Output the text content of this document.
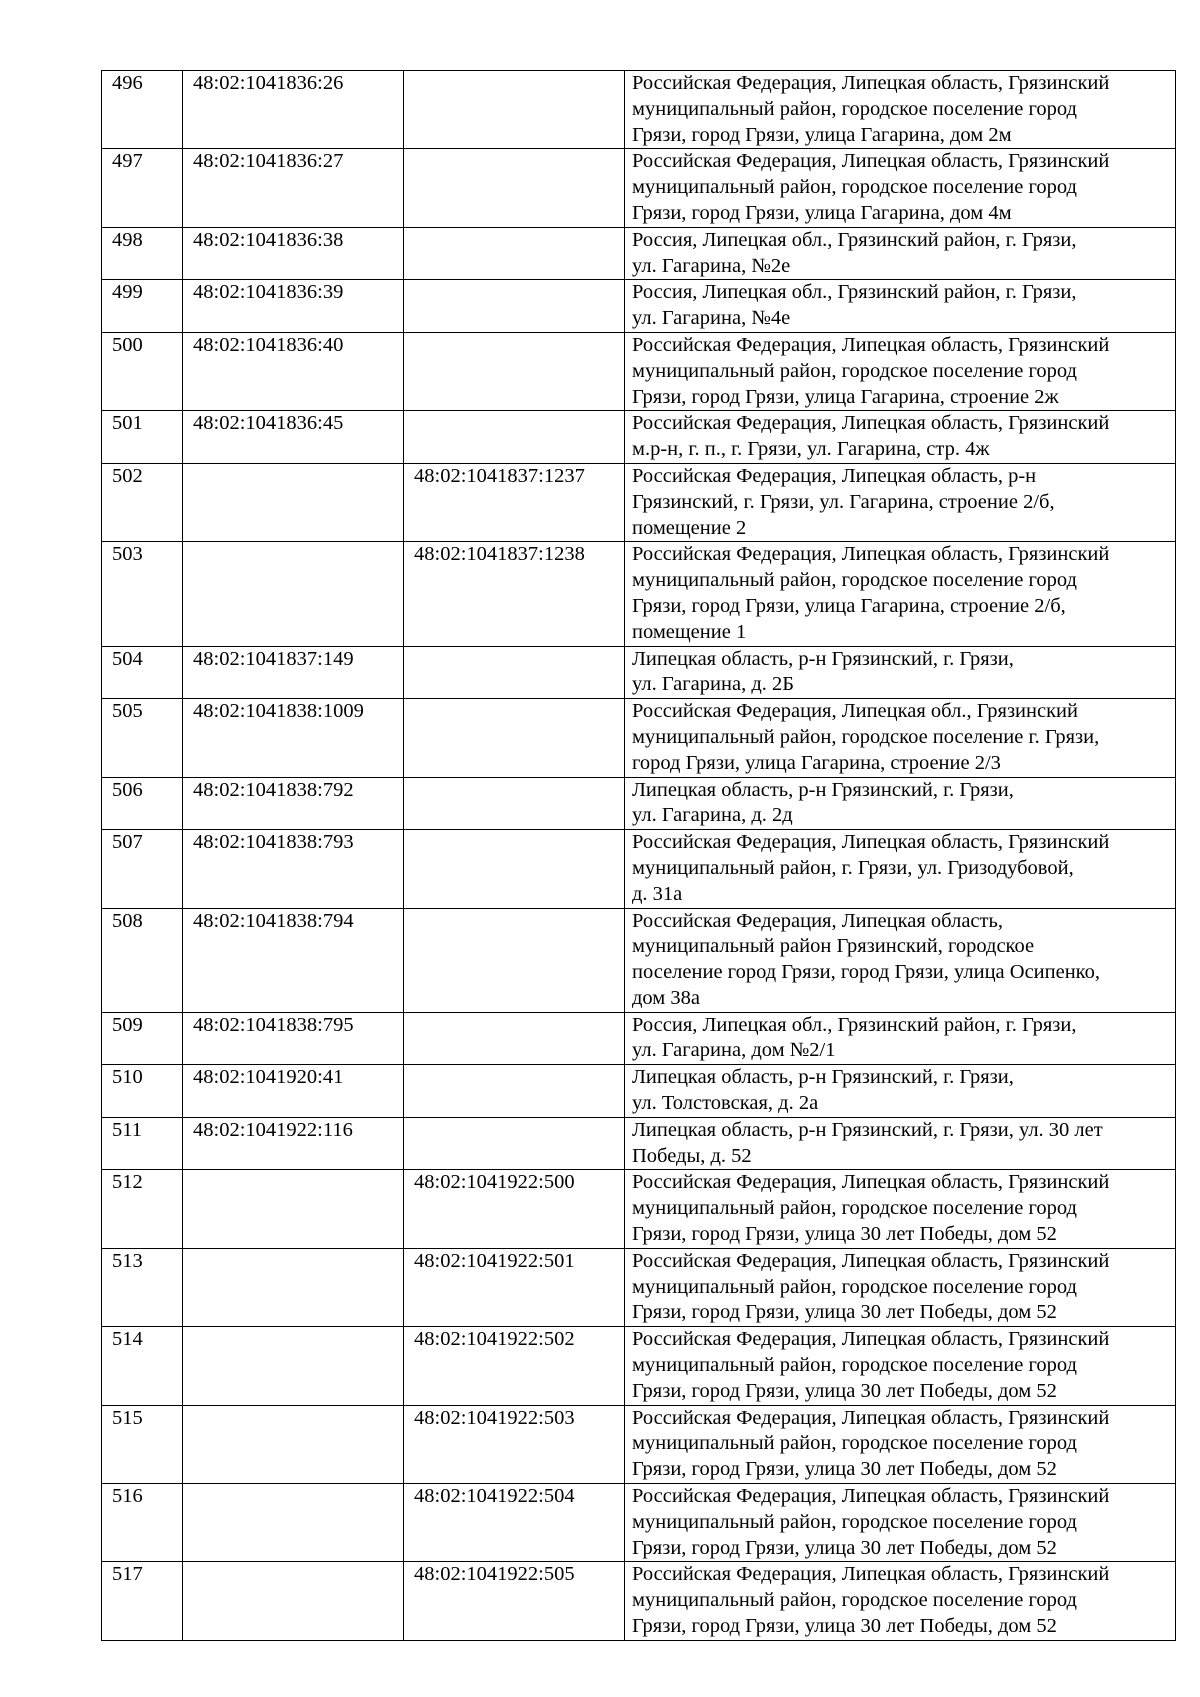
496	48:02:1041836:26		Российская Федерация, Липецкая область, Грязинский
муниципальный район, городское поселение город
Грязи, город Грязи, улица Гагарина, дом 2м

497	48:02:1041836:27		Российская Федерация, Липецкая область, Грязинский
муниципальный район, городское поселение город
Грязи, город Грязи, улица Гагарина, дом 4м

498	48:02:1041836:38		Россия, Липецкая обл., Грязинский район, г. Грязи,
ул. Гагарина, №2е

499	48:02:1041836:39		Россия, Липецкая обл., Грязинский район, г. Грязи,
ул. Гагарина, №4е

500	48:02:1041836:40		Российская Федерация, Липецкая область, Грязинский
муниципальный район, городское поселение город
Грязи, город Грязи, улица Гагарина, строение 2ж

501	48:02:1041836:45		Российская Федерация, Липецкая область, Грязинский
м.р-н, г. п., г. Грязи, ул. Гагарина, стр. 4ж

502		48:02:1041837:1237	Российская Федерация, Липецкая область, р-н
Грязинский, г. Грязи, ул. Гагарина, строение 2/б,
помещение 2

503		48:02:1041837:1238	Российская Федерация, Липецкая область, Грязинский
муниципальный район, городское поселение город
Грязи, город Грязи, улица Гагарина, строение 2/б,
помещение 1

504	48:02:1041837:149		Липецкая область, р-н Грязинский, г. Грязи,
ул. Гагарина, д. 2Б

505	48:02:1041838:1009		Российская Федерация, Липецкая обл., Грязинский
муниципальный район, городское поселение г. Грязи,
город Грязи, улица Гагарина, строение 2/3

506	48:02:1041838:792		Липецкая область, р-н Грязинский, г. Грязи,
ул. Гагарина, д. 2д

507	48:02:1041838:793		Российская Федерация, Липецкая область, Грязинский
муниципальный район, г. Грязи, ул. Гризодубовой,
д. 31а

508	48:02:1041838:794		Российская Федерация, Липецкая область,
муниципальный район Грязинский, городское
поселение город Грязи, город Грязи, улица Осипенко,
дом 38а

509	48:02:1041838:795		Россия, Липецкая обл., Грязинский район, г. Грязи,
ул. Гагарина, дом №2/1

510	48:02:1041920:41		Липецкая область, р-н Грязинский, г. Грязи,
ул. Толстовская, д. 2а

511	48:02:1041922:116		Липецкая область, р-н Грязинский, г. Грязи, ул. 30 лет
Победы, д. 52

512		48:02:1041922:500	Российская Федерация, Липецкая область, Грязинский
муниципальный район, городское поселение город
Грязи, город Грязи, улица 30 лет Победы, дом 52

513		48:02:1041922:501	Российская Федерация, Липецкая область, Грязинский
муниципальный район, городское поселение город
Грязи, город Грязи, улица 30 лет Победы, дом 52

514		48:02:1041922:502	Российская Федерация, Липецкая область, Грязинский
муниципальный район, городское поселение город
Грязи, город Грязи, улица 30 лет Победы, дом 52

515		48:02:1041922:503	Российская Федерация, Липецкая область, Грязинский
муниципальный район, городское поселение город
Грязи, город Грязи, улица 30 лет Победы, дом 52

516		48:02:1041922:504	Российская Федерация, Липецкая область, Грязинский
муниципальный район, городское поселение город
Грязи, город Грязи, улица 30 лет Победы, дом 52

517		48:02:1041922:505	Российская Федерация, Липецкая область, Грязинский
муниципальный район, городское поселение город
Грязи, город Грязи, улица 30 лет Победы, дом 52
